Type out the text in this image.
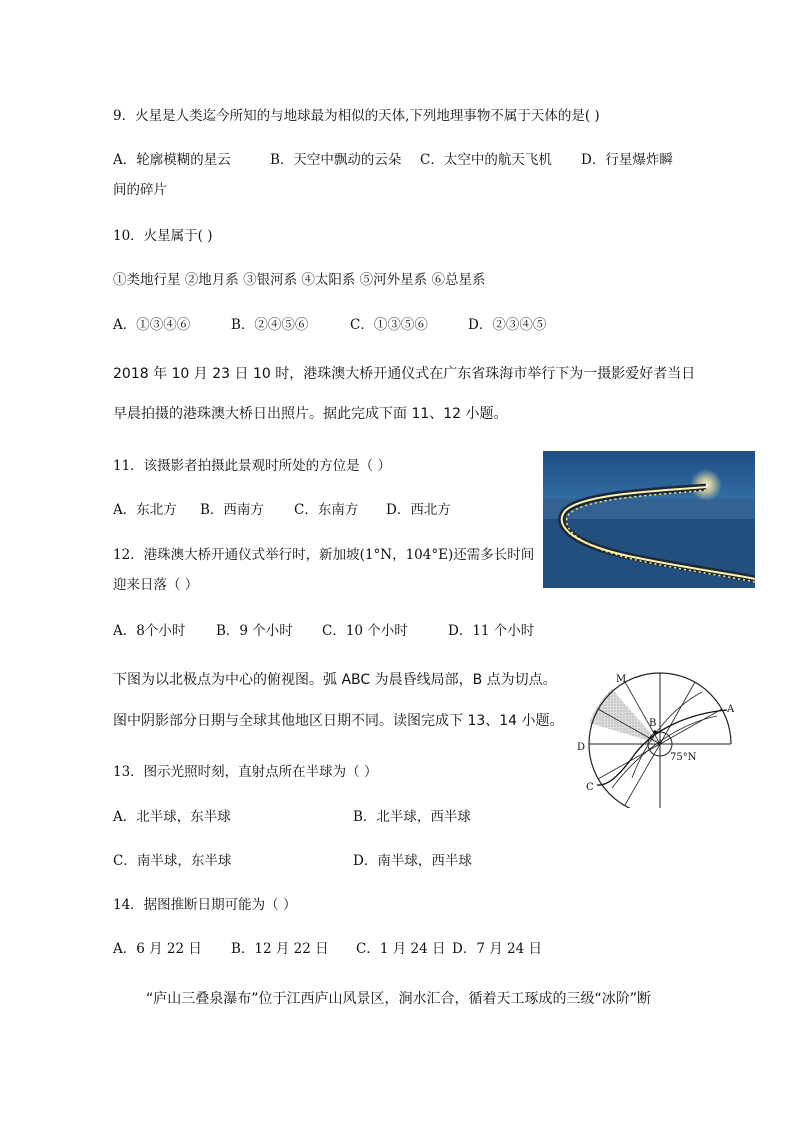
9．火星是人类迄今所知的与地球最为相似的天体,下列地理事物不属于天体的是( )
A．轮廓模糊的星云	B．天空中飘动的云朵 C．太空中的航天飞机 D．行星爆炸瞬
间的碎片
10．火星属于( )
①类地行星 ②地月系 ③银河系 ④太阳系 ⑤河外星系 ⑥总星系
A．①③④⑥	B．②④⑤⑥	C．①③⑤⑥	D．②③④⑤
2018 年 10 月 23 日 10 时，港珠澳大桥开通仪式在广东省珠海市举行下为一摄影爱好者当日
早晨拍摄的港珠澳大桥日出照片。据此完成下面 11、12 小题。
11．该摄影者拍摄此景观时所处的方位是（ ）
A．东北方 B．西南方 C．东南方 D．西北方
12．港珠澳大桥开通仪式举行时，新加坡(1°N，104°E)还需多长时间
迎来日落（ ）
A．8个小时 B．9 个小时 C．10 个小时	D．11 个小时
下图为以北极点为中心的俯视图。弧 ABC 为晨昏线局部，B 点为切点。
图中阴影部分日期与全球其他地区日期不同。读图完成下 13、14 小题。
M
A
B
D
C
75°N
13．图示光照时刻，直射点所在半球为（ ）
A．北半球，东半球	B．北半球，西半球
C．南半球，东半球	D．南半球，西半球
14．据图推断日期可能为（ ）
A．6 月 22 日 B．12 月 22 日 C．1 月 24 日 D．7 月 24 日
“庐山三叠泉瀑布”位于江西庐山风景区，涧水汇合，循着天工琢成的三级“冰阶”断
